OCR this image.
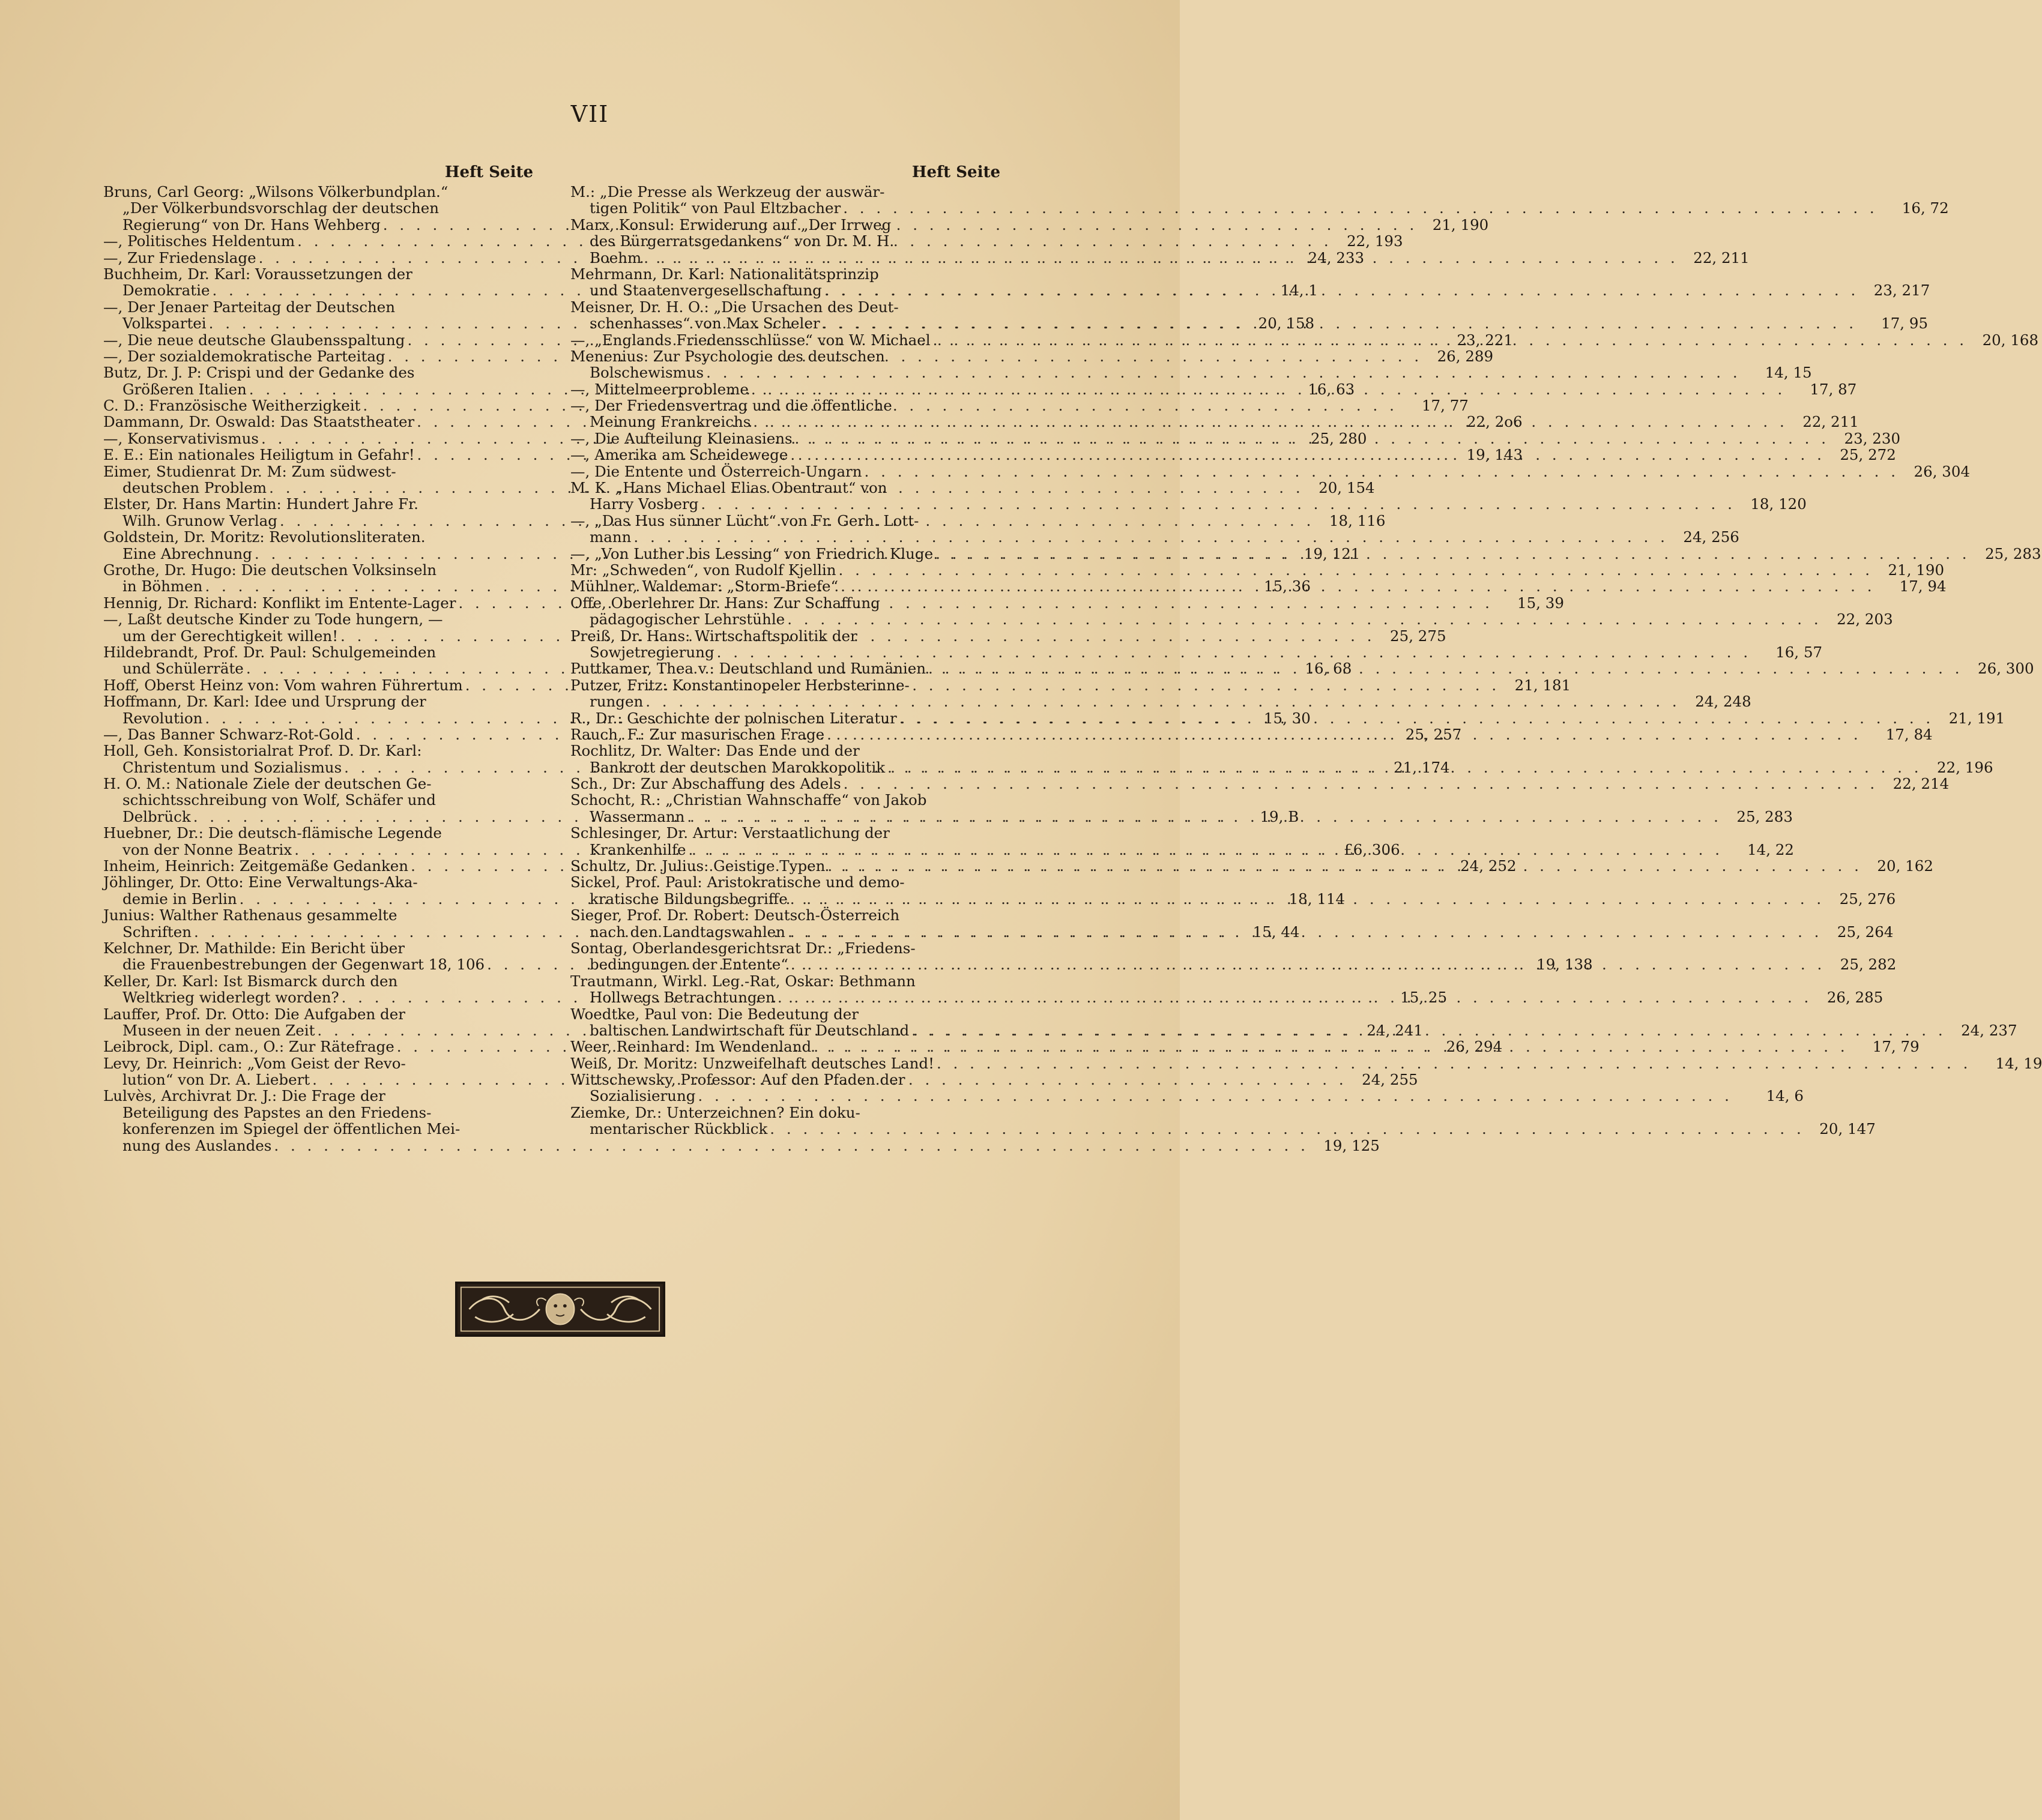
VII
Heft Seite	Heft Seite
Bruns, Carl Georg: „Wilsons Völkerbundplan.“
„Der Völkerbundsvorschlag der deutschen
Regierung“ von Dr. Hans Wehberg . . .	21, 190
—, Politisches Heldentum . . .	22, 193
—, Zur Friedenslage . . .	24, 233
Buchheim, Dr. Karl: Voraussetzungen der
Demokratie . . .	14, 1
—, Der Jenaer Parteitag der Deutschen
Volkspartei . . .	20, 158
—, Die neue deutsche Glaubensspaltung . . .	23, 221
—, Der sozialdemokratische Parteitag . . .	26, 289
Butz, Dr. J. P: Crispi und der Gedanke des
Größeren Italien . . .	16, 63
C. D.: Französische Weitherzigkeit . . .	17, 77
Dammann, Dr. Oswald: Das Staatstheater . . .	22, 2o6
—, Konservativismus . . .	25, 280
E. E.: Ein nationales Heiligtum in Gefahr! . . .	19, 143
Eimer, Studienrat Dr. M: Zum südwest-
deutschen Problem . . .	20, 154
Elster, Dr. Hans Martin: Hundert Jahre Fr.
Wilh. Grunow Verlag . . .	18, 116
Goldstein, Dr. Moritz: Revolutionsliteraten.
Eine Abrechnung . . .	19, 121
Grothe, Dr. Hugo: Die deutschen Volksinseln
in Böhmen . . .	15, 36
Hennig, Dr. Richard: Konflikt im Entente-Lager . . .	15, 39
—, Laßt deutsche Kinder zu Tode hungern, —
um der Gerechtigkeit willen! . . .	25, 275
Hildebrandt, Prof. Dr. Paul: Schulgemeinden
und Schülerräte . . .	16, 68
Hoff, Oberst Heinz von: Vom wahren Führertum . . .	21, 181
Hoffmann, Dr. Karl: Idee und Ursprung der
Revolution . . .	15, 30
—, Das Banner Schwarz-Rot-Gold . . .	25, 257
Holl, Geh. Konsistorialrat Prof. D. Dr. Karl:
Christentum und Sozialismus . . .	21, 174
H. O. M.: Nationale Ziele der deutschen Ge-
schichtsschreibung von Wolf, Schäfer und
Delbrück . . .	19, B
Huebner, Dr.: Die deutsch-flämische Legende
von der Nonne Beatrix . . .	£6, 306
Inheim, Heinrich: Zeitgemäße Gedanken . . .	24, 252
Jöhlinger, Dr. Otto: Eine Verwaltungs-Aka-
demie in Berlin . . .	18, 114
Junius: Walther Rathenaus gesammelte
Schriften . . .	15, 44
Kelchner, Dr. Mathilde: Ein Bericht über
die Frauenbestrebungen der Gegenwart 18, 106 . . .	19, 138
Keller, Dr. Karl: Ist Bismarck durch den
Weltkrieg widerlegt worden? . . .	15, 25
Lauffer, Prof. Dr. Otto: Die Aufgaben der
Museen in der neuen Zeit . . .	24, 241
Leibrock, Dipl. cam., O.: Zur Rätefrage . . .	26, 294
Levy, Dr. Heinrich: „Vom Geist der Revo-
lution“ von Dr. A. Liebert . . .	24, 255
Lulvès, Archivrat Dr. J.: Die Frage der
Beteiligung des Papstes an den Friedens-
konferenzen im Spiegel der öffentlichen Mei-
nung des Auslandes . . .	19, 125
M.: „Die Presse als Werkzeug der auswär-
tigen Politik“ von Paul Eltzbacher . . .	16, 72
Marx, Konsul: Erwiderung auf „Der Irrweg
des Bürgerratsgedankens“ von Dr. M. H.
Boehm . . .	22, 211
Mehrmann, Dr. Karl: Nationalitätsprinzip
und Staatenvergesellschaftung . . .	23, 217
Meisner, Dr. H. O.: „Die Ursachen des Deut-
schenhasses“ von Max Scheler . . .	17, 95
—, „Englands Friedensschlüsse“ von W. Michael . . .	20, 168
Menenius: Zur Psychologie des deutschen
Bolschewismus . . .	14, 15
—, Mittelmeerprobleme . . .	17, 87
—, Der Friedensvertrag und die öffentliche
Meinung Frankreichs . . .	22, 211
—, Die Aufteilung Kleinasiens . . .	23, 230
—, Amerika am Scheidewege . . .	25, 272
—, Die Entente und Österreich-Ungarn . . .	26, 304
M. K. „Hans Michael Elias Obentraut“ von
Harry Vosberg . . .	18, 120
—, „Das Hus sünner Lücht“ von Fr. Gerh. Lott-
mann . . .	24, 256
—, „Von Luther bis Lessing“ von Friedrich Kluge . . .	25, 283
Mr: „Schweden“, von Rudolf Kjellin . . .	21, 190
Mühlner, Waldemar: „Storm-Briefe“ . . .	17, 94
Offe, Oberlehrer Dr. Hans: Zur Schaffung
pädagogischer Lehrstühle . . .	22, 203
Preiß, Dr. Hans: Wirtschaftspolitik der
Sowjetregierung . . .	16, 57
Puttkamer, Thea v.: Deutschland und Rumänien . . .	26, 300
Putzer, Fritz: Konstantinopeler Herbsterinne-
rungen . . .	24, 248
R., Dr.: Geschichte der polnischen Literatur . . .	21, 191
Rauch, F.: Zur masurischen Frage . . .	17, 84
Rochlitz, Dr. Walter: Das Ende und der
Bankrott der deutschen Marokkopolitik . . .	22, 196
Sch., Dr: Zur Abschaffung des Adels . . .	22, 214
Schocht, R.: „Christian Wahnschaffe“ von Jakob
Wassermann . . .	25, 283
Schlesinger, Dr. Artur: Verstaatlichung der
Krankenhilfe . . .	14, 22
Schultz, Dr. Julius: Geistige Typen . . .	20, 162
Sickel, Prof. Paul: Aristokratische und demo-
kratische Bildungsbegriffe . . .	25, 276
Sieger, Prof. Dr. Robert: Deutsch-Österreich
nach den Landtagswahlen . . .	25, 264
Sontag, Oberlandesgerichtsrat Dr.: „Friedens-
bedingungen der Entente“ . . .	25, 282
Trautmann, Wirkl. Leg.-Rat, Oskar: Bethmann
Hollwegs Betrachtungen . . .	26, 285
Woedtke, Paul von: Die Bedeutung der
baltischen Landwirtschaft für Deutschland . . .	24, 237
Weer, Reinhard: Im Wendenland . . .	17, 79
Weiß, Dr. Moritz: Unzweifelhaft deutsches Land! . . .	14, 19
Wittschewsky, Professor: Auf den Pfaden der
Sozialisierung . . .	14, 6
Ziemke, Dr.: Unterzeichnen? Ein doku-
mentarischer Rückblick . . .	20, 147
